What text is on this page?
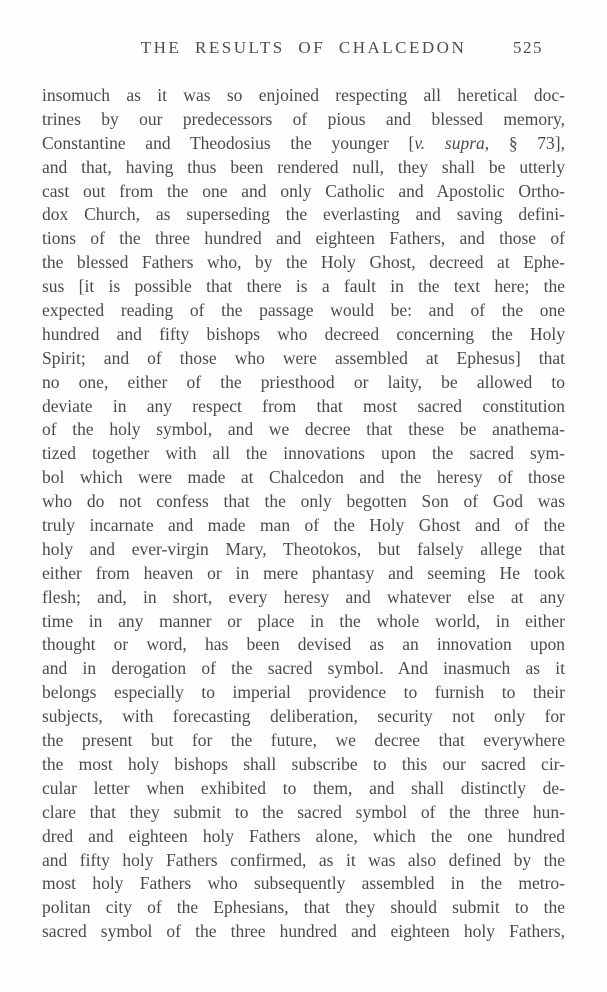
THE RESULTS OF CHALCEDON	525
insomuch as it was so enjoined respecting all heretical doc-
trines by our predecessors of pious and blessed memory,
Constantine and Theodosius the younger [v. supra, § 73],
and that, having thus been rendered null, they shall be utterly
cast out from the one and only Catholic and Apostolic Ortho-
dox Church, as superseding the everlasting and saving defini-
tions of the three hundred and eighteen Fathers, and those of
the blessed Fathers who, by the Holy Ghost, decreed at Ephe-
sus [it is possible that there is a fault in the text here; the
expected reading of the passage would be: and of the one
hundred and fifty bishops who decreed concerning the Holy
Spirit; and of those who were assembled at Ephesus] that
no one, either of the priesthood or laity, be allowed to
deviate in any respect from that most sacred constitution
of the holy symbol, and we decree that these be anathema-
tized together with all the innovations upon the sacred sym-
bol which were made at Chalcedon and the heresy of those
who do not confess that the only begotten Son of God was
truly incarnate and made man of the Holy Ghost and of the
holy and ever-virgin Mary, Theotokos, but falsely allege that
either from heaven or in mere phantasy and seeming He took
flesh; and, in short, every heresy and whatever else at any
time in any manner or place in the whole world, in either
thought or word, has been devised as an innovation upon
and in derogation of the sacred symbol. And inasmuch as it
belongs especially to imperial providence to furnish to their
subjects, with forecasting deliberation, security not only for
the present but for the future, we decree that everywhere
the most holy bishops shall subscribe to this our sacred cir-
cular letter when exhibited to them, and shall distinctly de-
clare that they submit to the sacred symbol of the three hun-
dred and eighteen holy Fathers alone, which the one hundred
and fifty holy Fathers confirmed, as it was also defined by the
most holy Fathers who subsequently assembled in the metro-
politan city of the Ephesians, that they should submit to the
sacred symbol of the three hundred and eighteen holy Fathers,
